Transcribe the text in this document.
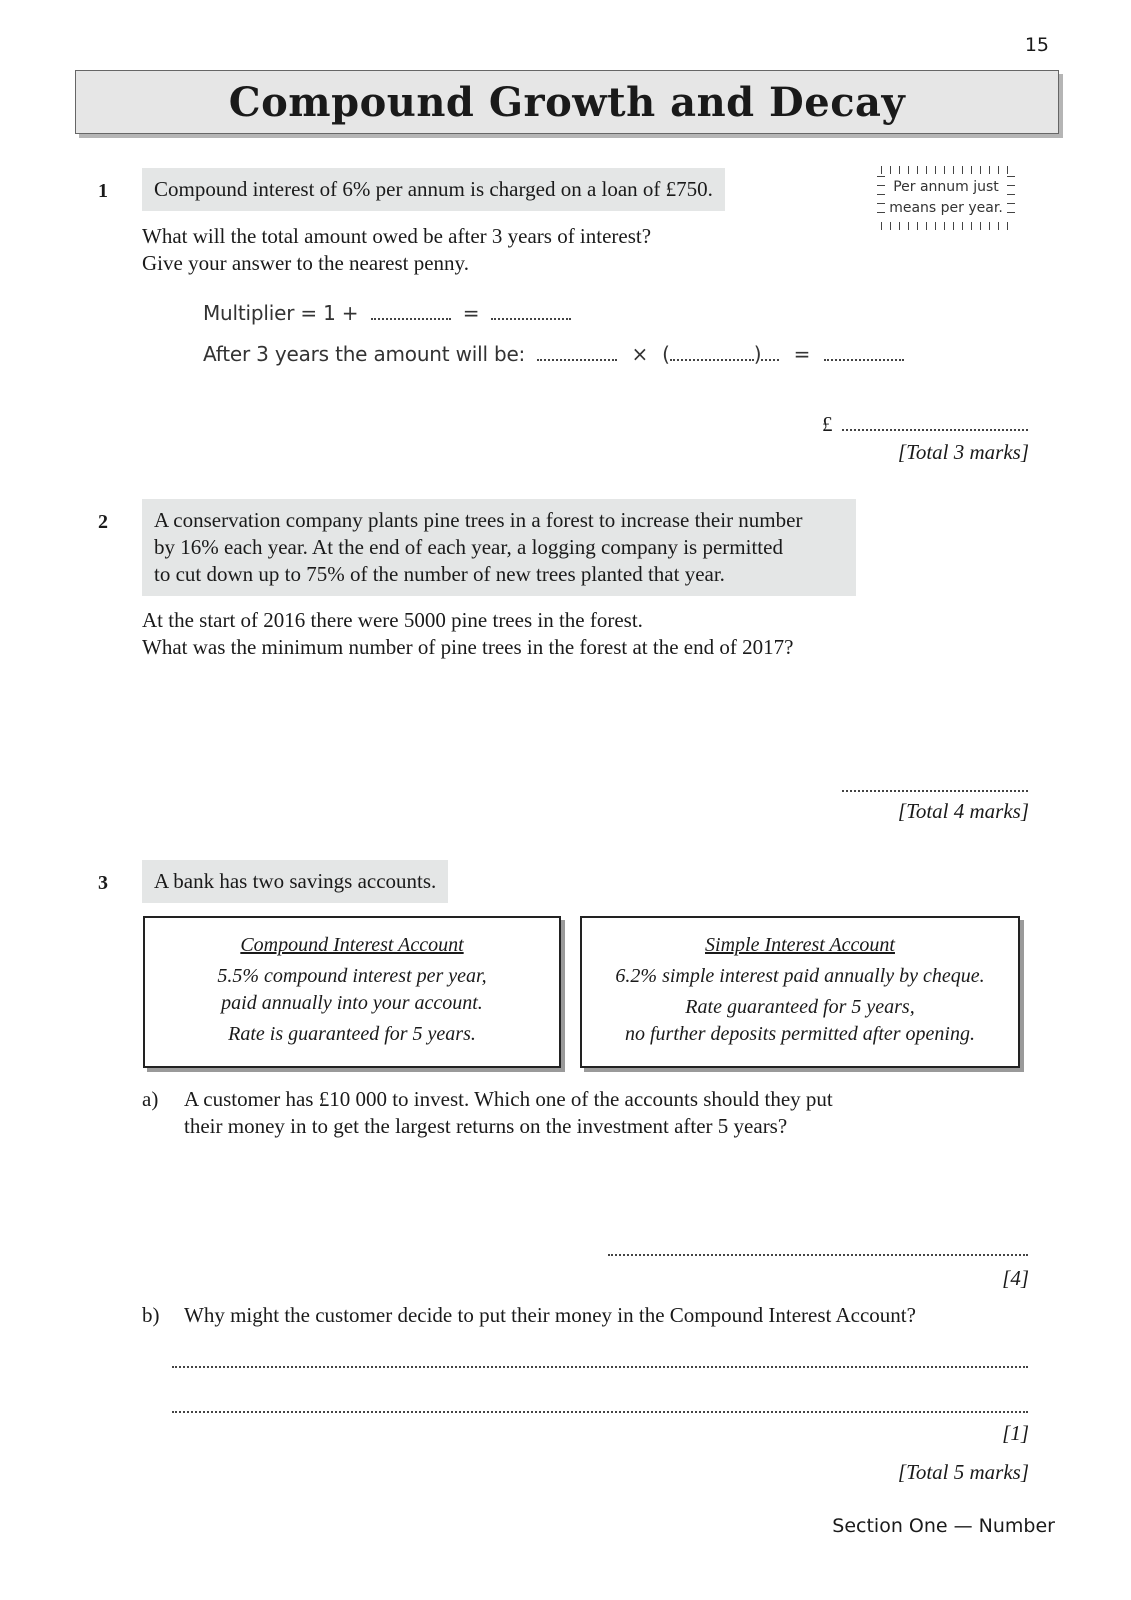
15
Compound Growth and Decay
1	Compound interest of 6% per annum is charged on a loan of £750.	Per annum just
means per year.
What will the total amount owed be after 3 years of interest?
Give your answer to the nearest penny.
Multiplier = 1 +	=
After 3 years the amount will be:	× (	) =
£
[Total 3 marks]
2 A conservation company plants pine trees in a forest to increase their number
by 16% each year. At the end of each year, a logging company is permitted
to cut down up to 75% of the number of new trees planted that year.
At the start of 2016 there were 5000 pine trees in the forest.
What was the minimum number of pine trees in the forest at the end of 2017?
[Total 4 marks]
3	A bank has two savings accounts.
Compound Interest Account
5.5% compound interest per year,
paid annually into your account.
Rate is guaranteed for 5 years.
Simple Interest Account
6.2% simple interest paid annually by cheque.
Rate guaranteed for 5 years,
no further deposits permitted after opening.
a) A customer has £10 000 to invest. Which one of the accounts should they put
their money in to get the largest returns on the investment after 5 years?
[4]
b) Why might the customer decide to put their money in the Compound Interest Account?
[1]
[Total 5 marks]
Section One — Number
